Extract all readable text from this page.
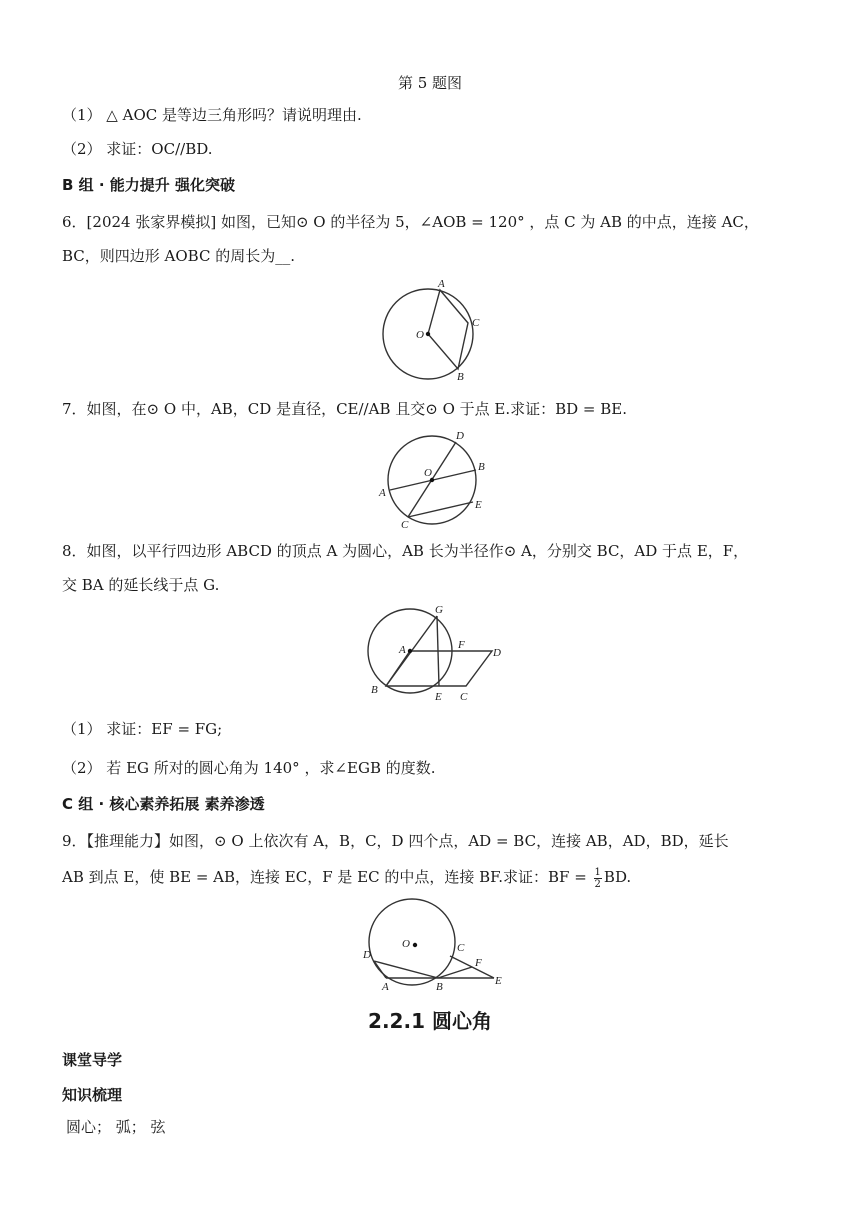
第 5 题图
（1） △ AOC 是等边三角形吗？请说明理由.
（2） 求证：OC//BD.
B 组 · 能力提升 强化突破
6．[2024 张家界模拟] 如图，已知⊙ O 的半径为 5，∠AOB = 120° ，点 C 为 AB 的中点，连接 AC，
BC，则四边形 AOBC 的周长为__.
A
O
C
B
7．如图，在⊙ O 中，AB，CD 是直径，CE//AB 且交⊙ O 于点 E.求证：BD = BE.
D
O	B
A
E
C
8．如图，以平行四边形 ABCD 的顶点 A 为圆心，AB 长为半径作⊙ A，分别交 BC，AD 于点 E，F，
交 BA 的延长线于点 G.
G
A	F
D
B
E C
（1） 求证：EF = FG;
（2） 若 EG 所对的圆心角为 140° ，求∠EGB 的度数.
C 组 · 核心素养拓展 素养渗透
9．【推理能力】如图，⊙ O 上依次有 A，B，C，D 四个点，AD = BC，连接 AB，AD，BD，延长
AB 到点 E，使 BE = AB，连接 EC，F 是 EC 的中点，连接 BF.求证：BF = $\frac{1}{2}$ BD.
O
D
C
F
E
A	B
2.2.1 圆心角
课堂导学
知识梳理
圆心； 弧； 弦
